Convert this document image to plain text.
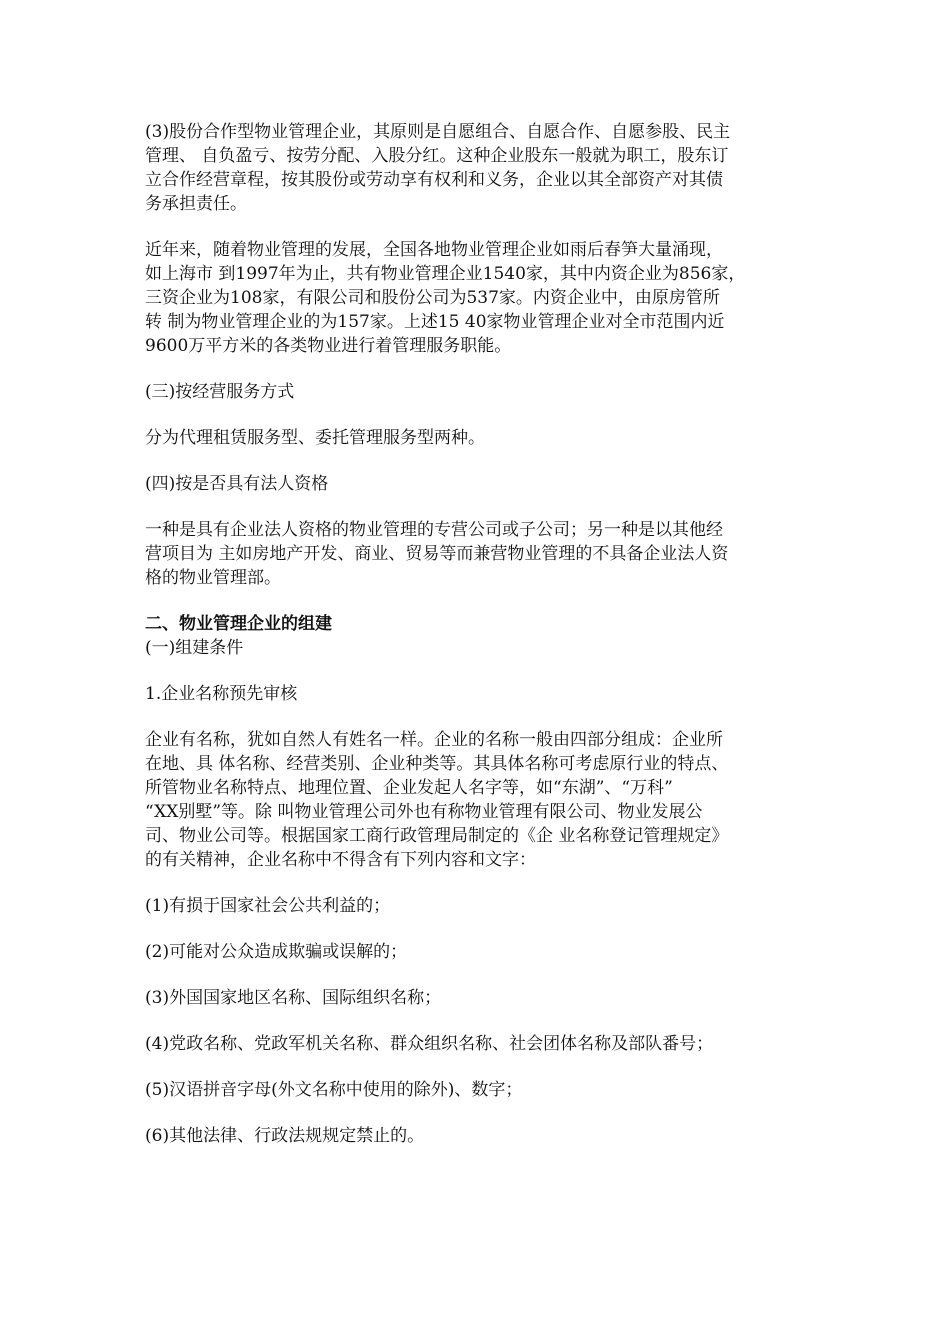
(3)股份合作型物业管理企业，其原则是自愿组合、自愿合作、自愿参股、民主
管理、 自负盈亏、按劳分配、入股分红。这种企业股东一般就为职工，股东订
立合作经营章程，按其股份或劳动享有权利和义务，企业以其全部资产对其债
务承担责任。

近年来，随着物业管理的发展，全国各地物业管理企业如雨后春笋大量涌现，
如上海市 到1997年为止，共有物业管理企业1540家，其中内资企业为856家，
三资企业为108家，有限公司和股份公司为537家。内资企业中，由原房管所
转 制为物业管理企业的为157家。上述15 40家物业管理企业对全市范围内近
9600万平方米的各类物业进行着管理服务职能。

(三)按经营服务方式

分为代理租赁服务型、委托管理服务型两种。

(四)按是否具有法人资格

一种是具有企业法人资格的物业管理的专营公司或子公司；另一种是以其他经
营项目为 主如房地产开发、商业、贸易等而兼营物业管理的不具备企业法人资
格的物业管理部。

二、物业管理企业的组建

(一)组建条件

1.企业名称预先审核

企业有名称，犹如自然人有姓名一样。企业的名称一般由四部分组成：企业所
在地、具 体名称、经营类别、企业种类等。其具体名称可考虑原行业的特点、
所管物业名称特点、地理位置、企业发起人名字等，如“东湖”、“万科”
“XX别墅”等。除 叫物业管理公司外也有称物业管理有限公司、物业发展公
司、物业公司等。根据国家工商行政管理局制定的《企 业名称登记管理规定》
的有关精神，企业名称中不得含有下列内容和文字：

(1)有损于国家社会公共利益的；

(2)可能对公众造成欺骗或误解的；

(3)外国国家地区名称、国际组织名称；

(4)党政名称、党政军机关名称、群众组织名称、社会团体名称及部队番号；

(5)汉语拼音字母(外文名称中使用的除外)、数字；

(6)其他法律、行政法规规定禁止的。
